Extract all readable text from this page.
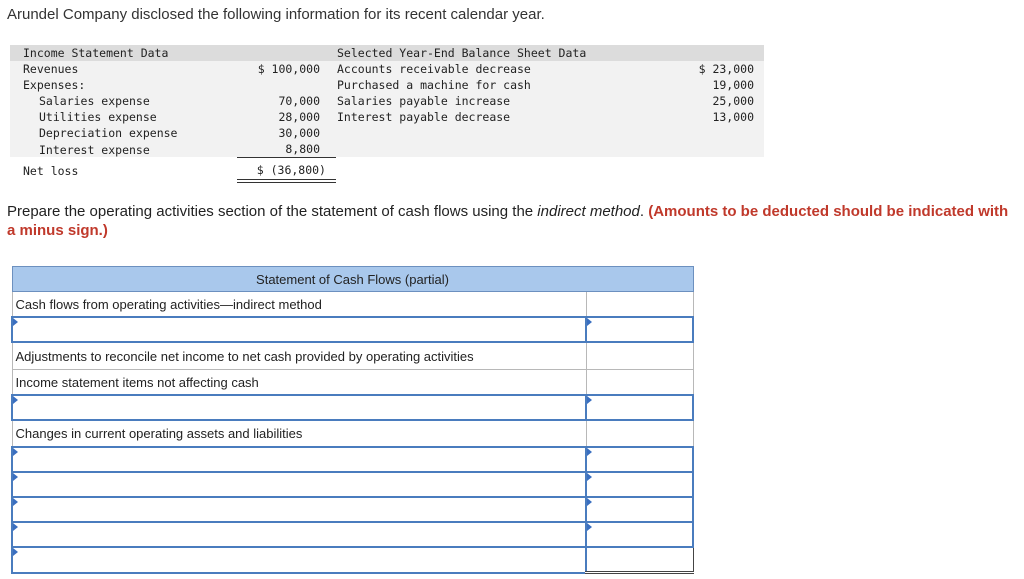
Arundel Company disclosed the following information for its recent calendar year.
Income Statement Data
Revenues	$ 100,000
Expenses:
Salaries expense	70,000
Utilities expense	28,000
Depreciation expense	30,000
Interest expense	8,800
Net loss	$ (36,800)
Selected Year-End Balance Sheet Data
Accounts receivable decrease	$ 23,000
Purchased a machine for cash	19,000
Salaries payable increase	25,000
Interest payable decrease	13,000
Prepare the operating activities section of the statement of cash flows using the indirect method. (Amounts to be deducted should be indicated with a minus sign.)
Statement of Cash Flows (partial)	
Cash flows from operating activities—indirect method	

Adjustments to reconcile net income to net cash provided by operating activities	
Income statement items not affecting cash	

Changes in current operating assets and liabilities	
